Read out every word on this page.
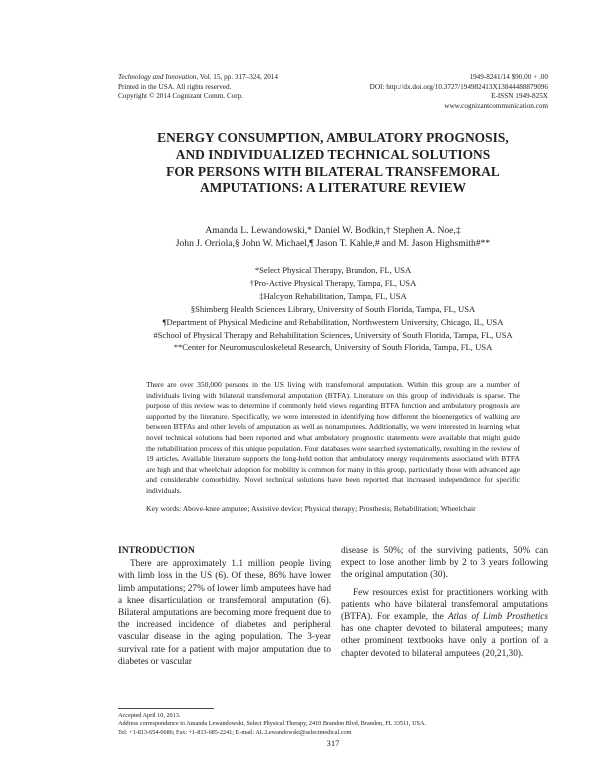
Technology and Innovation, Vol. 15, pp. 317–324, 2014
Printed in the USA. All rights reserved.
Copyright © 2014 Cognizant Comm. Corp.
1949-8241/14 $90.00 + .00
DOI: http://dx.doi.org/10.3727/194982413X13844488879096
E-ISSN 1949-825X
www.cognizantcommunication.com
ENERGY CONSUMPTION, AMBULATORY PROGNOSIS,
AND INDIVIDUALIZED TECHNICAL SOLUTIONS
FOR PERSONS WITH BILATERAL TRANSFEMORAL
AMPUTATIONS: A LITERATURE REVIEW
Amanda L. Lewandowski,* Daniel W. Bodkin,† Stephen A. Noe,‡
John J. Orriola,§ John W. Michael,¶ Jason T. Kahle,# and M. Jason Highsmith#**
*Select Physical Therapy, Brandon, FL, USA
†Pro-Active Physical Therapy, Tampa, FL, USA
‡Halcyon Rehabilitation, Tampa, FL, USA
§Shimberg Health Sciences Library, University of South Florida, Tampa, FL, USA
¶Department of Physical Medicine and Rehabilitation, Northwestern University, Chicago, IL, USA
#School of Physical Therapy and Rehabilitation Sciences, University of South Florida, Tampa, FL, USA
**Center for Neuromusculoskeletal Research, University of South Florida, Tampa, FL, USA
There are over 350,000 persons in the US living with transfemoral amputation. Within this group are a number of individuals living with bilateral transfemoral amputation (BTFA). Literature on this group of individuals is sparse. The purpose of this review was to determine if commonly held views regarding BTFA function and ambulatory prognosis are supported by the literature. Specifically, we were interested in identifying how different the bioenergetics of walking are between BTFAs and other levels of amputation as well as nonamputees. Additionally, we were interested in learning what novel technical solutions had been reported and what ambulatory prognostic statements were available that might guide the rehabilitation process of this unique population. Four databases were searched systematically, resulting in the review of 19 articles. Available literature supports the long-held notion that ambulatory energy requirements associated with BTFA are high and that wheelchair adoption for mobility is common for many in this group, particularly those with advanced age and considerable comorbidity. Novel technical solutions have been reported that increased independence for specific individuals.
Key words: Above-knee amputee; Assistive device; Physical therapy; Prosthesis; Rehabilitation; Wheelchair
INTRODUCTION

There are approximately 1.1 million people living with limb loss in the US (6). Of these, 86% have lower limb amputations; 27% of lower limb amputees have had a knee disarticulation or transfemoral amputation (6). Bilateral amputations are becoming more frequent due to the increased incidence of diabetes and peripheral vascular disease in the aging population. The 3-year survival rate for a patient with major amputation due to diabetes or vascular

disease is 50%; of the surviving patients, 50% can expect to lose another limb by 2 to 3 years following the original amputation (30).

Few resources exist for practitioners working with patients who have bilateral transfemoral amputations (BTFA). For example, the Atlas of Limb Prosthetics has one chapter devoted to bilateral amputees; many other prominent textbooks have only a portion of a chapter devoted to bilateral amputees (20,21,30).

Accepted April 10, 2013.
Address correspondence to Amanda Lewandowski, Select Physical Therapy, 2410 Brandon Blvd, Brandon, FL 33511, USA.
Tel: +1-813-654-0686; Fax: +1-813-685-2241; E-mail: AL.Lewandowski@selectmedical.com
317
